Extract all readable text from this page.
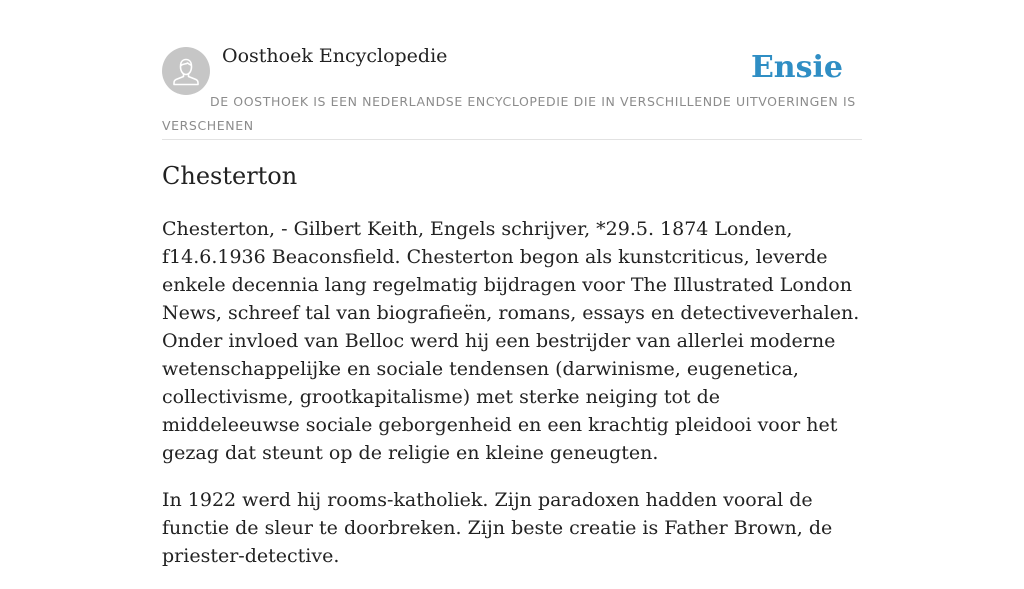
Oosthoek Encyclopedie	Ensie
DE OOSTHOEK IS EEN NEDERLANDSE ENCYCLOPEDIE DIE IN VERSCHILLENDE UITVOERINGEN IS VERSCHENEN
Chesterton

Chesterton, - Gilbert Keith, Engels schrijver, *29.5. 1874 Londen, f14.6.1936 Beaconsfield. Chesterton begon als kunstcriticus, leverde enkele decennia lang regelmatig bijdragen voor The Illustrated London News, schreef tal van biografieën, romans, essays en detectiveverhalen. Onder invloed van Belloc werd hij een bestrijder van allerlei moderne wetenschappelijke en sociale tendensen (darwinisme, eugenetica, collectivisme, grootkapitalisme) met sterke neiging tot de middeleeuwse sociale geborgenheid en een krachtig pleidooi voor het gezag dat steunt op de religie en kleine geneugten.

In 1922 werd hij rooms-katholiek. Zijn paradoxen hadden vooral de functie de sleur te doorbreken. Zijn beste creatie is Father Brown, de priester-detective.
